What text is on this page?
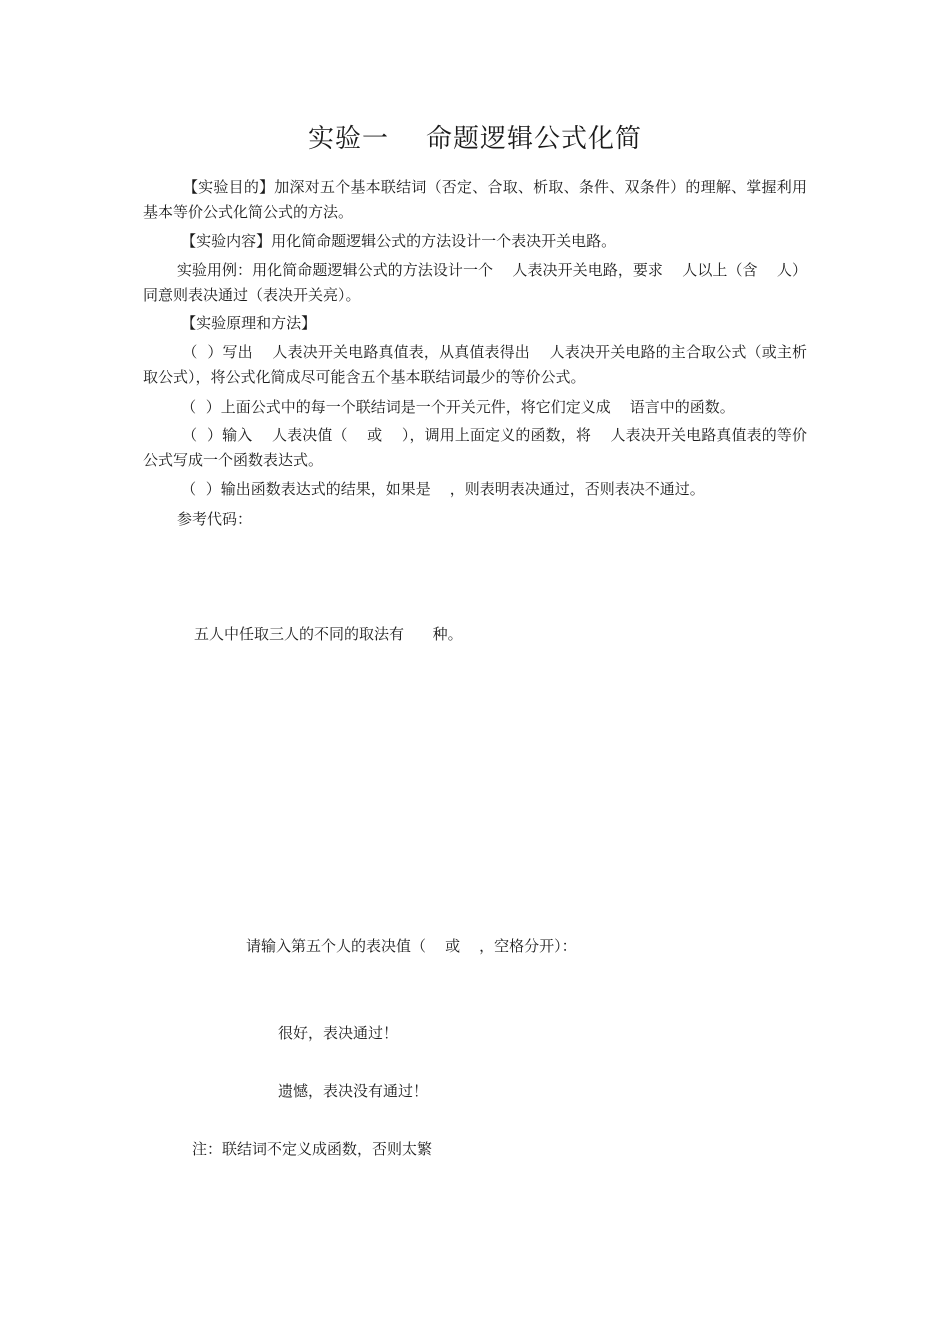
实验一    命题逻辑公式化简
【实验目的】加深对五个基本联结词（否定、合取、析取、条件、双条件）的理解、掌握利用基本等价公式化简公式的方法。
【实验内容】用化简命题逻辑公式的方法设计一个表决开关电路。
实验用例：用化简命题逻辑公式的方法设计一个    人表决开关电路，要求    人以上（含    人）同意则表决通过（表决开关亮）。
【实验原理和方法】
（  ）写出    人表决开关电路真值表，从真值表得出    人表决开关电路的主合取公式（或主析取公式），将公式化简成尽可能含五个基本联结词最少的等价公式。
（  ）上面公式中的每一个联结词是一个开关元件，将它们定义成    语言中的函数。
（  ）输入    人表决值（    或    ），调用上面定义的函数，将    人表决开关电路真值表的等价公式写成一个函数表达式。
（  ）输出函数表达式的结果，如果是    ，则表明表决通过，否则表决不通过。
参考代码：
五人中任取三人的不同的取法有      种。
请输入第五个人的表决值（    或    ，空格分开）：
很好，表决通过！
遗憾，表决没有通过！
注：联结词不定义成函数，否则太繁
